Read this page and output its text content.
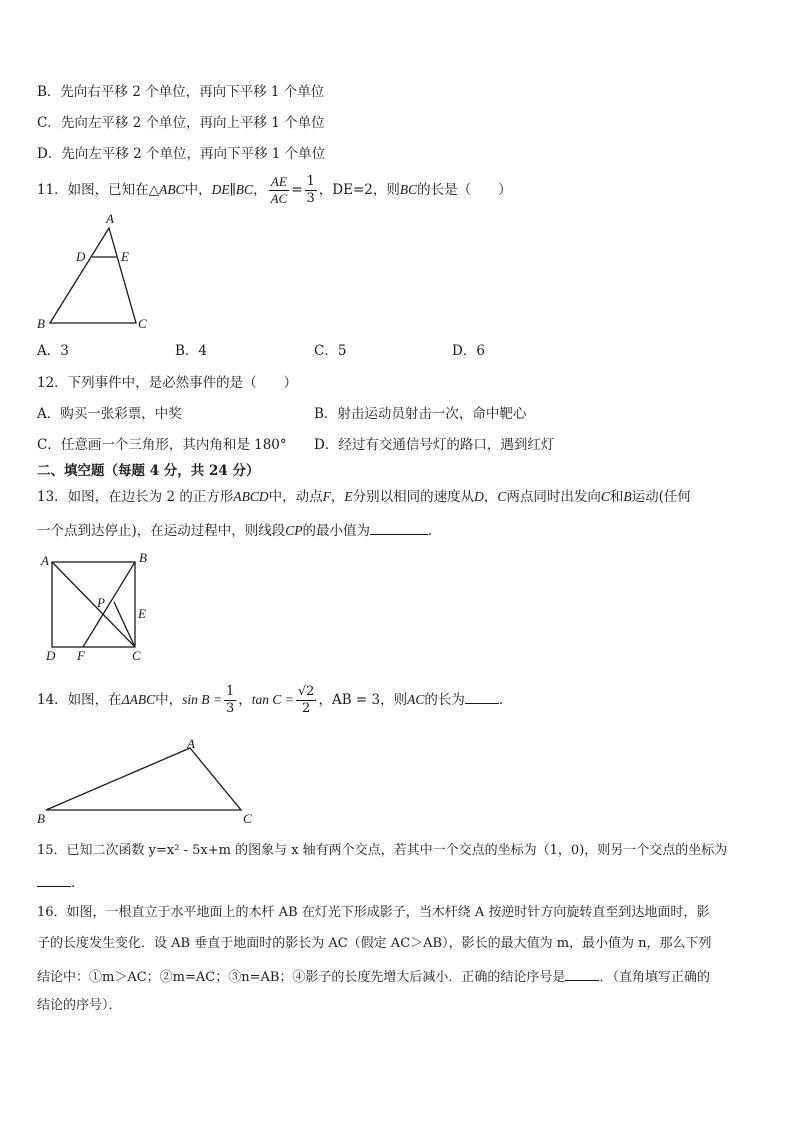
B．先向右平移 2 个单位，再向下平移 1 个单位
C．先向左平移 2 个单位，再向上平移 1 个单位
D．先向左平移 2 个单位，再向下平移 1 个单位
11．如图，已知在△ABC中，DE∥BC， $\frac{AE}{AC} = \frac{1}{3}$ ，DE=2，则BC的长是（　　）
A
D	E
B	C
A．3	B．4	C．5	D．6
12．下列事件中，是必然事件的是（　　）
A．购买一张彩票，中奖	B．射击运动员射击一次，命中靶心
C．任意画一个三角形，其内角和是 180° D．经过有交通信号灯的路口，遇到红灯
二、填空题（每题 4 分，共 24 分）
13．如图，在边长为 2 的正方形ABCD中，动点F，E分别以相同的速度从D，C两点同时出发向C和B运动(任何
一个点到达停止)，在运动过程中，则线段CP的最小值为	．
A	B
P
E
D F	C
14．如图，在ΔABC中，$\sin B = \frac{1}{3}$ ，$\tan C = \frac{√2}{2}$ ，AB = 3，则AC的长为	．
A
B	C
15．已知二次函数 y=x² - 5x+m 的图象与 x 轴有两个交点，若其中一个交点的坐标为（1，0)，则另一个交点的坐标为
．
16．如图，一根直立于水平地面上的木杆 AB 在灯光下形成影子，当木杆绕 A 按逆时针方向旋转直至到达地面时，影
子的长度发生变化．设 AB 垂直于地面时的影长为 AC（假定 AC＞AB），影长的最大值为 m，最小值为 n，那么下列
结论中：①m＞AC；②m=AC；③n=AB；④影子的长度先增大后减小．正确的结论序号是	．（直角填写正确的
结论的序号）．
